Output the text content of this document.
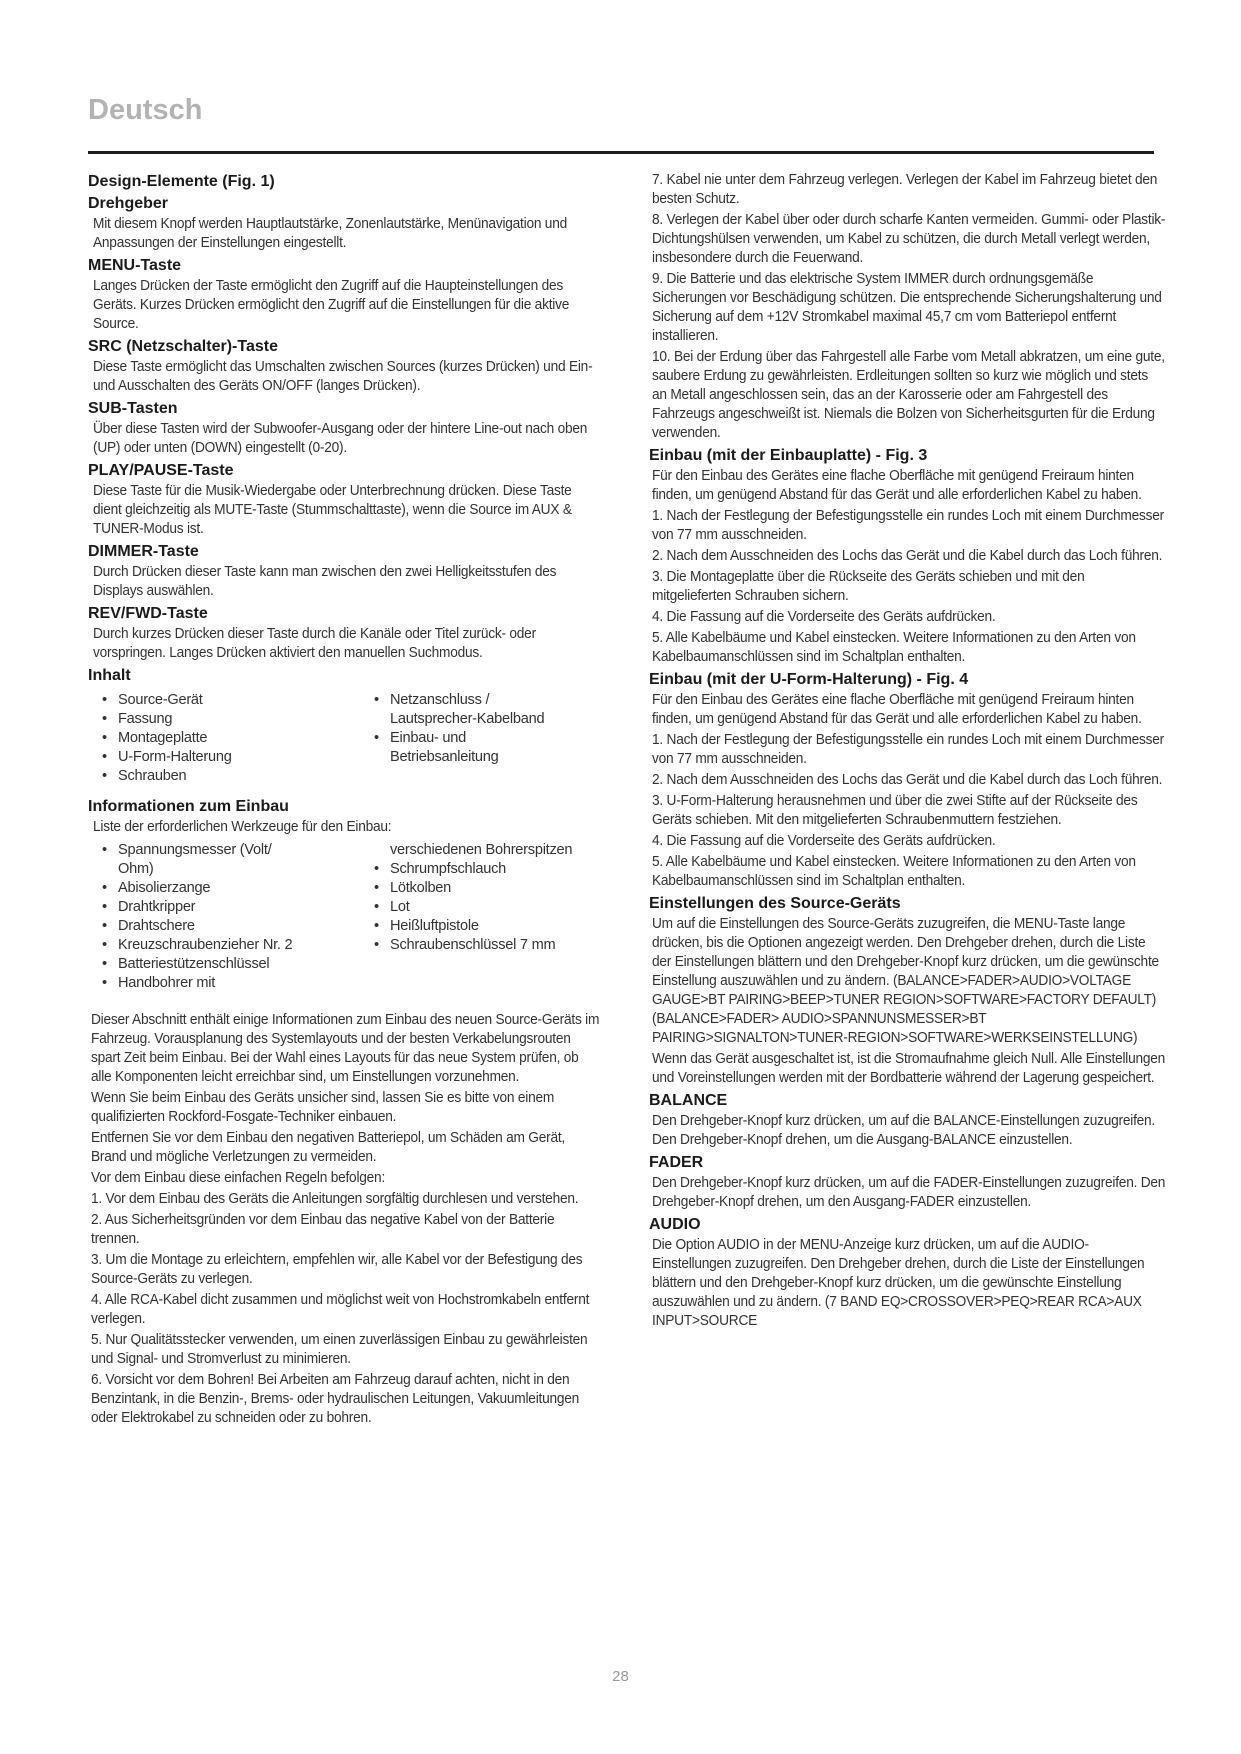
Deutsch
Design-Elemente (Fig. 1)
Drehgeber

Mit diesem Knopf werden Hauptlautstärke, Zonenlautstärke, Menünavigation und Anpassungen der Einstellungen eingestellt.

MENU-Taste

Langes Drücken der Taste ermöglicht den Zugriff auf die Haupteinstellungen des Geräts. Kurzes Drücken ermöglicht den Zugriff auf die Einstellungen für die aktive Source.

SRC (Netzschalter)-Taste

Diese Taste ermöglicht das Umschalten zwischen Sources (kurzes Drücken) und Ein- und Ausschalten des Geräts ON/OFF (langes Drücken).

SUB-Tasten

Über diese Tasten wird der Subwoofer-Ausgang oder der hintere Line-out nach oben (UP) oder unten (DOWN) eingestellt (0-20).

PLAY/PAUSE-Taste

Diese Taste für die Musik-Wiedergabe oder Unterbrechnung drücken. Diese Taste dient gleichzeitig als MUTE-Taste (Stummschalttaste), wenn die Source im AUX & TUNER-Modus ist.

DIMMER-Taste

Durch Drücken dieser Taste kann man zwischen den zwei Helligkeitsstufen des Displays auswählen.

REV/FWD-Taste

Durch kurzes Drücken dieser Taste durch die Kanäle oder Titel zurück- oder vorspringen. Langes Drücken aktiviert den manuellen Suchmodus.

Inhalt
• Source-Gerät	• Netzanschluss /
• Fassung	Lautsprecher-Kabelband
• Montageplatte	• Einbau- und
• U-Form-Halterung	Betriebsanleitung
• Schrauben
Informationen zum Einbau

Liste der erforderlichen Werkzeuge für den Einbau:

• Spannungsmesser (Volt/	verschiedenen Bohrerspitzen
Ohm)	• Schrumpfschlauch
• Abisolierzange	• Lötkolben
• Drahtkripper	• Lot
• Drahtschere	• Heißluftpistole
• Kreuzschraubenzieher Nr. 2	• Schraubenschlüssel 7 mm
• Batteriestützenschlüssel
• Handbohrer mit

Dieser Abschnitt enthält einige Informationen zum Einbau des neuen Source-Geräts im Fahrzeug. Vorausplanung des Systemlayouts und der besten Verkabelungsrouten spart Zeit beim Einbau. Bei der Wahl eines Layouts für das neue System prüfen, ob alle Komponenten leicht erreichbar sind, um Einstellungen vorzunehmen.

Wenn Sie beim Einbau des Geräts unsicher sind, lassen Sie es bitte von einem qualifizierten Rockford-Fosgate-Techniker einbauen.

Entfernen Sie vor dem Einbau den negativen Batteriepol, um Schäden am Gerät, Brand und mögliche Verletzungen zu vermeiden.

Vor dem Einbau diese einfachen Regeln befolgen:

1. Vor dem Einbau des Geräts die Anleitungen sorgfältig durchlesen und verstehen.

2. Aus Sicherheitsgründen vor dem Einbau das negative Kabel von der Batterie trennen.

3. Um die Montage zu erleichtern, empfehlen wir, alle Kabel vor der Befestigung des Source-Geräts zu verlegen.

4. Alle RCA-Kabel dicht zusammen und möglichst weit von Hochstromkabeln entfernt verlegen.

5. Nur Qualitätsstecker verwenden, um einen zuverlässigen Einbau zu gewährleisten und Signal- und Stromverlust zu minimieren.

6. Vorsicht vor dem Bohren! Bei Arbeiten am Fahrzeug darauf achten, nicht in den Benzintank, in die Benzin-, Brems- oder hydraulischen Leitungen, Vakuumleitungen oder Elektrokabel zu schneiden oder zu bohren.

7. Kabel nie unter dem Fahrzeug verlegen. Verlegen der Kabel im Fahrzeug bietet den besten Schutz.

8. Verlegen der Kabel über oder durch scharfe Kanten vermeiden. Gummi- oder Plastik-Dichtungshülsen verwenden, um Kabel zu schützen, die durch Metall verlegt werden, insbesondere durch die Feuerwand.

9. Die Batterie und das elektrische System IMMER durch ordnungsgemäße Sicherungen vor Beschädigung schützen. Die entsprechende Sicherungshalterung und Sicherung auf dem +12V Stromkabel maximal 45,7 cm vom Batteriepol entfernt installieren.

10. Bei der Erdung über das Fahrgestell alle Farbe vom Metall abkratzen, um eine gute, saubere Erdung zu gewährleisten. Erdleitungen sollten so kurz wie möglich und stets an Metall angeschlossen sein, das an der Karosserie oder am Fahrgestell des Fahrzeugs angeschweißt ist. Niemals die Bolzen von Sicherheitsgurten für die Erdung verwenden.

Einbau (mit der Einbauplatte) - Fig. 3

Für den Einbau des Gerätes eine flache Oberfläche mit genügend Freiraum hinten finden, um genügend Abstand für das Gerät und alle erforderlichen Kabel zu haben.

1. Nach der Festlegung der Befestigungsstelle ein rundes Loch mit einem Durchmesser von 77 mm ausschneiden.

2. Nach dem Ausschneiden des Lochs das Gerät und die Kabel durch das Loch führen.

3. Die Montageplatte über die Rückseite des Geräts schieben und mit den mitgelieferten Schrauben sichern.

4. Die Fassung auf die Vorderseite des Geräts aufdrücken.

5. Alle Kabelbäume und Kabel einstecken. Weitere Informationen zu den Arten von Kabelbaumanschlüssen sind im Schaltplan enthalten.

Einbau (mit der U-Form-Halterung) - Fig. 4

Für den Einbau des Gerätes eine flache Oberfläche mit genügend Freiraum hinten finden, um genügend Abstand für das Gerät und alle erforderlichen Kabel zu haben.

1. Nach der Festlegung der Befestigungsstelle ein rundes Loch mit einem Durchmesser von 77 mm ausschneiden.

2. Nach dem Ausschneiden des Lochs das Gerät und die Kabel durch das Loch führen.

3. U-Form-Halterung herausnehmen und über die zwei Stifte auf der Rückseite des Geräts schieben. Mit den mitgelieferten Schraubenmuttern festziehen.

4. Die Fassung auf die Vorderseite des Geräts aufdrücken.

5. Alle Kabelbäume und Kabel einstecken. Weitere Informationen zu den Arten von Kabelbaumanschlüssen sind im Schaltplan enthalten.

Einstellungen des Source-Geräts

Um auf die Einstellungen des Source-Geräts zuzugreifen, die MENU-Taste lange drücken, bis die Optionen angezeigt werden. Den Drehgeber drehen, durch die Liste der Einstellungen blättern und den Drehgeber-Knopf kurz drücken, um die gewünschte Einstellung auszuwählen und zu ändern. (BALANCE>FADER>AUDIO>VOLTAGE GAUGE>BT PAIRING>BEEP>TUNER REGION>SOFTWARE>FACTORY DEFAULT) (BALANCE>FADER> AUDIO>SPANNUNSMESSER>BT PAIRING>SIGNALTON>TUNER-REGION>SOFTWARE>WERKSEINSTELLUNG)

Wenn das Gerät ausgeschaltet ist, ist die Stromaufnahme gleich Null. Alle Einstellungen und Voreinstellungen werden mit der Bordbatterie während der Lagerung gespeichert.

BALANCE

Den Drehgeber-Knopf kurz drücken, um auf die BALANCE-Einstellungen zuzugreifen. Den Drehgeber-Knopf drehen, um die Ausgang-BALANCE einzustellen.

FADER

Den Drehgeber-Knopf kurz drücken, um auf die FADER-Einstellungen zuzugreifen. Den Drehgeber-Knopf drehen, um den Ausgang-FADER einzustellen.

AUDIO

Die Option AUDIO in der MENU-Anzeige kurz drücken, um auf die AUDIO-Einstellungen zuzugreifen. Den Drehgeber drehen, durch die Liste der Einstellungen blättern und den Drehgeber-Knopf kurz drücken, um die gewünschte Einstellung auszuwählen und zu ändern. (7 BAND EQ>CROSSOVER>PEQ>REAR RCA>AUX INPUT>SOURCE

28
